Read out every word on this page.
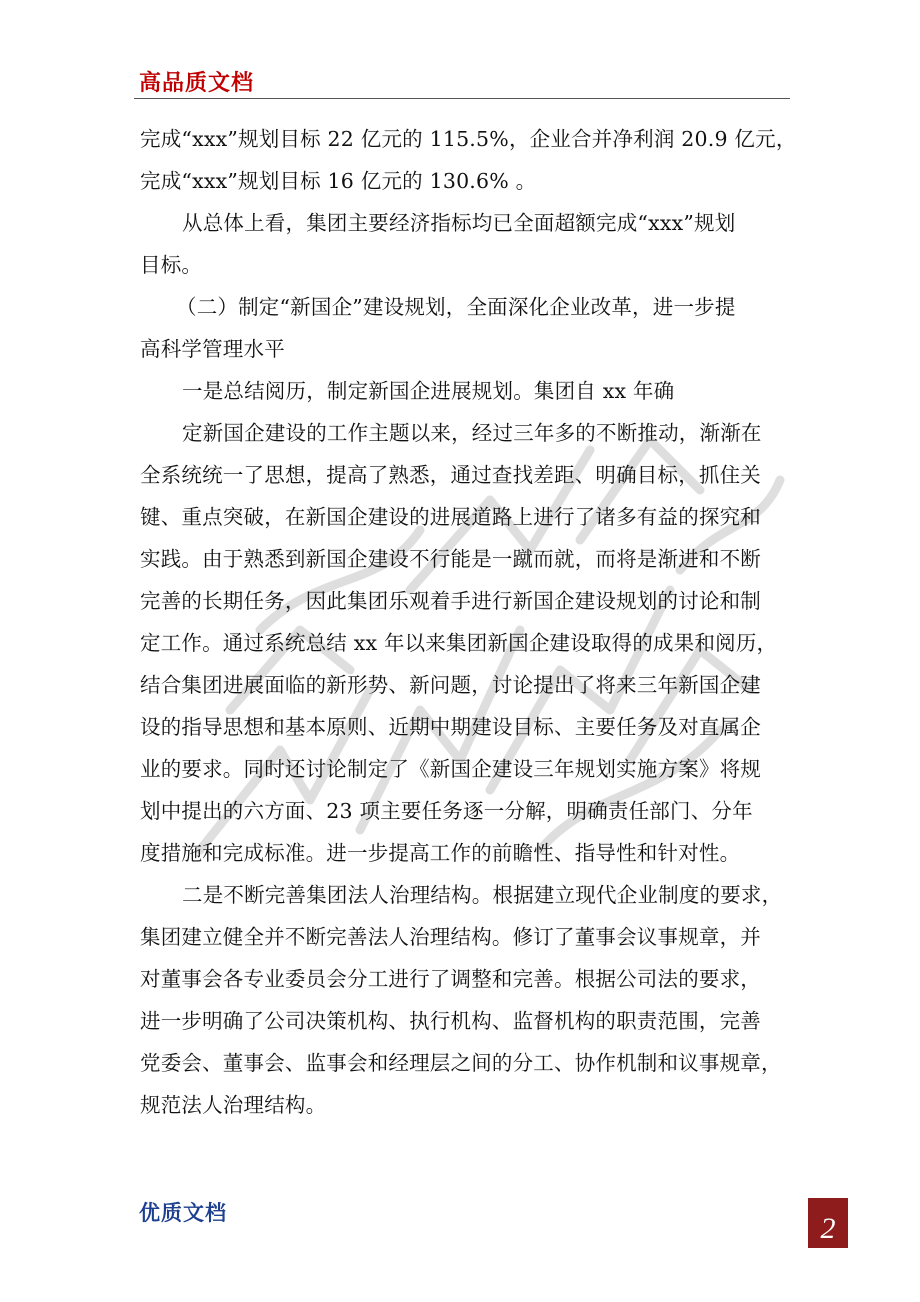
高品质文档
完成“xxx”规划目标 22 亿元的 115.5%，企业合并净利润 20.9 亿元，
完成“xxx”规划目标 16 亿元的 130.6% 。
从总体上看，集团主要经济指标均已全面超额完成“xxx”规划
目标。
（二）制定“新国企”建设规划，全面深化企业改革，进一步提
高科学管理水平
一是总结阅历，制定新国企进展规划。集团自 xx 年确
定新国企建设的工作主题以来，经过三年多的不断推动，渐渐在
全系统统一了思想，提高了熟悉，通过查找差距、明确目标，抓住关
键、重点突破，在新国企建设的进展道路上进行了诸多有益的探究和
实践。由于熟悉到新国企建设不行能是一蹴而就，而将是渐进和不断
完善的长期任务，因此集团乐观着手进行新国企建设规划的讨论和制
定工作。通过系统总结 xx 年以来集团新国企建设取得的成果和阅历，
结合集团进展面临的新形势、新问题，讨论提出了将来三年新国企建
设的指导思想和基本原则、近期中期建设目标、主要任务及对直属企
业的要求。同时还讨论制定了《新国企建设三年规划实施方案》将规
划中提出的六方面、23 项主要任务逐一分解，明确责任部门、分年
度措施和完成标准。进一步提高工作的前瞻性、指导性和针对性。
二是不断完善集团法人治理结构。根据建立现代企业制度的要求，
集团建立健全并不断完善法人治理结构。修订了董事会议事规章，并
对董事会各专业委员会分工进行了调整和完善。根据公司法的要求，
进一步明确了公司决策机构、执行机构、监督机构的职责范围，完善
党委会、董事会、监事会和经理层之间的分工、协作机制和议事规章，
规范法人治理结构。
优质文档	2
